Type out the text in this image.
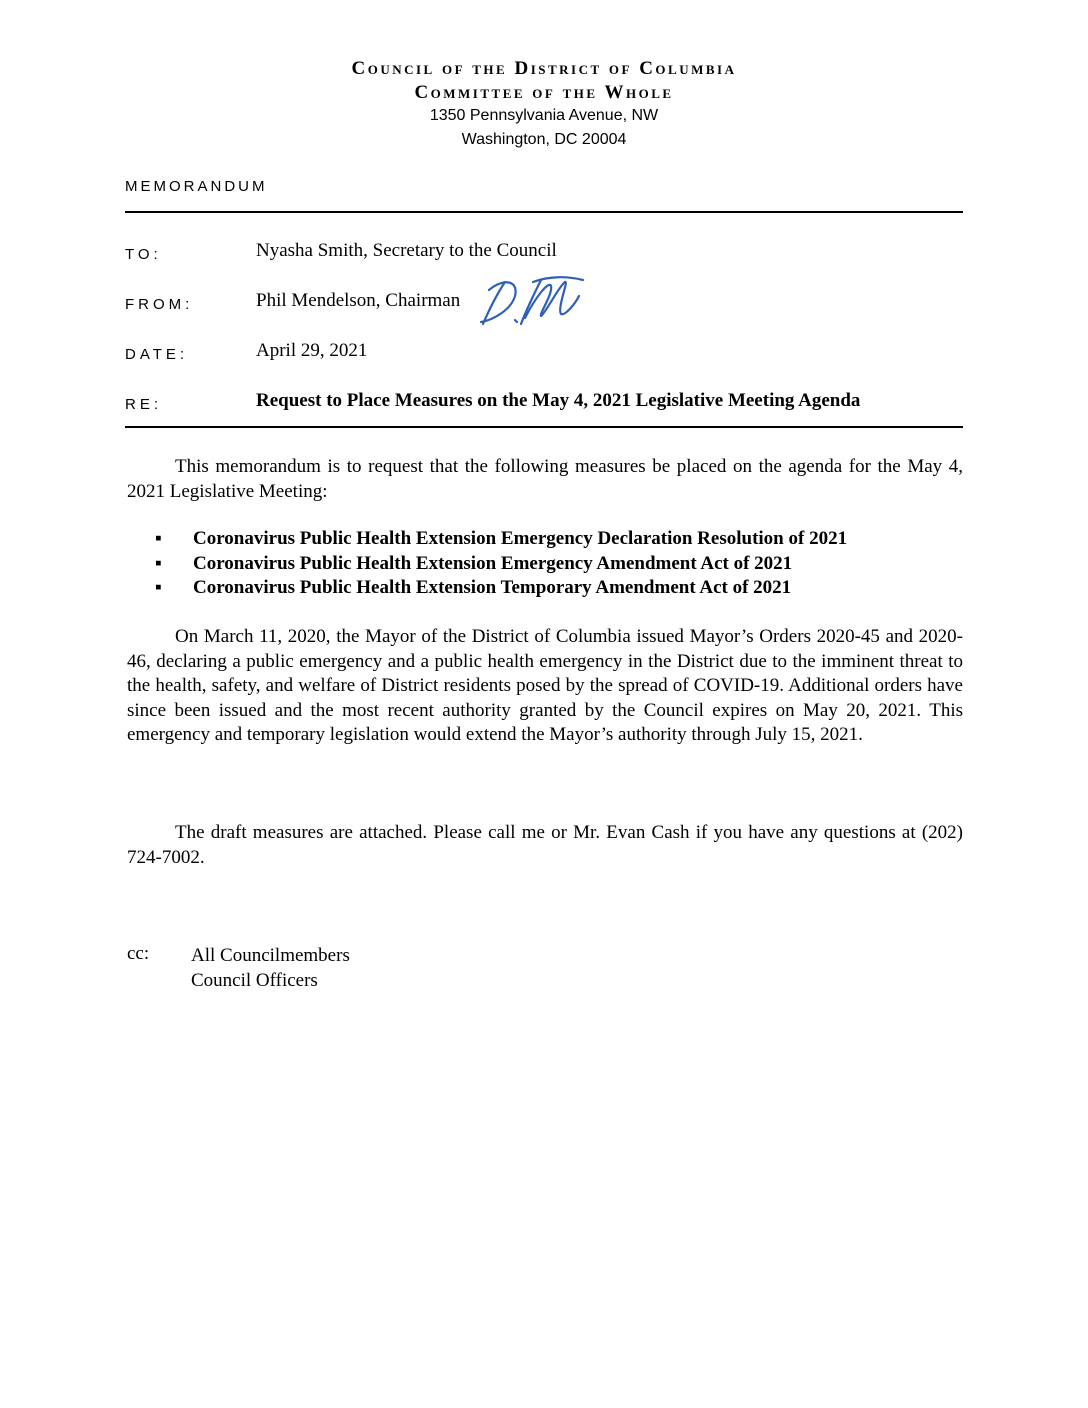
Council of the District of Columbia
Committee of the Whole
1350 Pennsylvania Avenue, NW
Washington, DC 20004
MEMORANDUM
TO:	Nyasha Smith, Secretary to the Council
FROM:	Phil Mendelson, Chairman
DATE:	April 29, 2021
RE:	Request to Place Measures on the May 4, 2021 Legislative Meeting Agenda
This memorandum is to request that the following measures be placed on the agenda for the May 4, 2021 Legislative Meeting:
▪ Coronavirus Public Health Extension Emergency Declaration Resolution of 2021
▪ Coronavirus Public Health Extension Emergency Amendment Act of 2021
▪ Coronavirus Public Health Extension Temporary Amendment Act of 2021
On March 11, 2020, the Mayor of the District of Columbia issued Mayor’s Orders 2020-45 and 2020-46, declaring a public emergency and a public health emergency in the District due to the imminent threat to the health, safety, and welfare of District residents posed by the spread of COVID-19. Additional orders have since been issued and the most recent authority granted by the Council expires on May 20, 2021. This emergency and temporary legislation would extend the Mayor’s authority through July 15, 2021.
The draft measures are attached. Please call me or Mr. Evan Cash if you have any questions at (202) 724-7002.
cc: All Councilmembers
Council Officers
